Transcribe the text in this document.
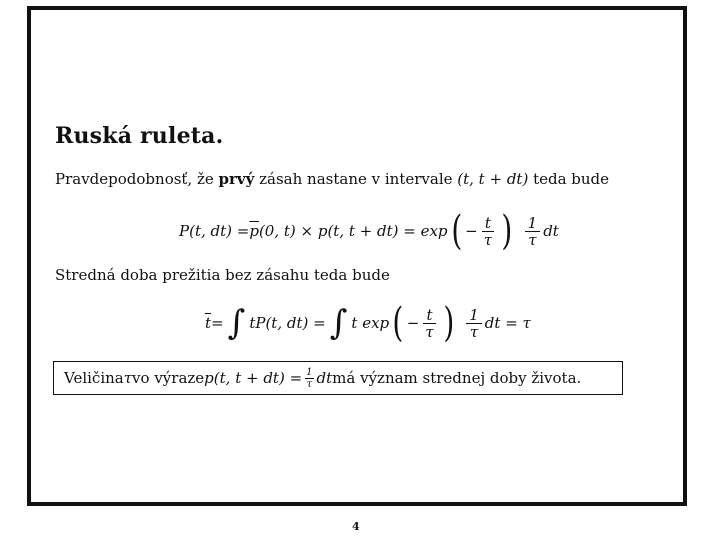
Ruská ruleta.
Pravdepodobnosť, že prvý zásah nastane v intervale (t, t + dt) teda bude
P(t, $dt) = \overline{p}$ (0, t) × p(t, t + dt) = exp ( − $\frac{t}{\tau}$ ) $\frac{1}{\tau}$ dt
Stredná doba prežitia bez zásahu teda bude
$\overline{t}$ = ∫ tP(t, dt) = ∫ t exp ( − $\frac{t}{\tau}$ ) $\frac{1}{\tau}$ dt = τ
Veličina τ vo výraze p(t, $t + dt) = \frac{1}{\tau}$ dt má význam strednej doby života.
4
